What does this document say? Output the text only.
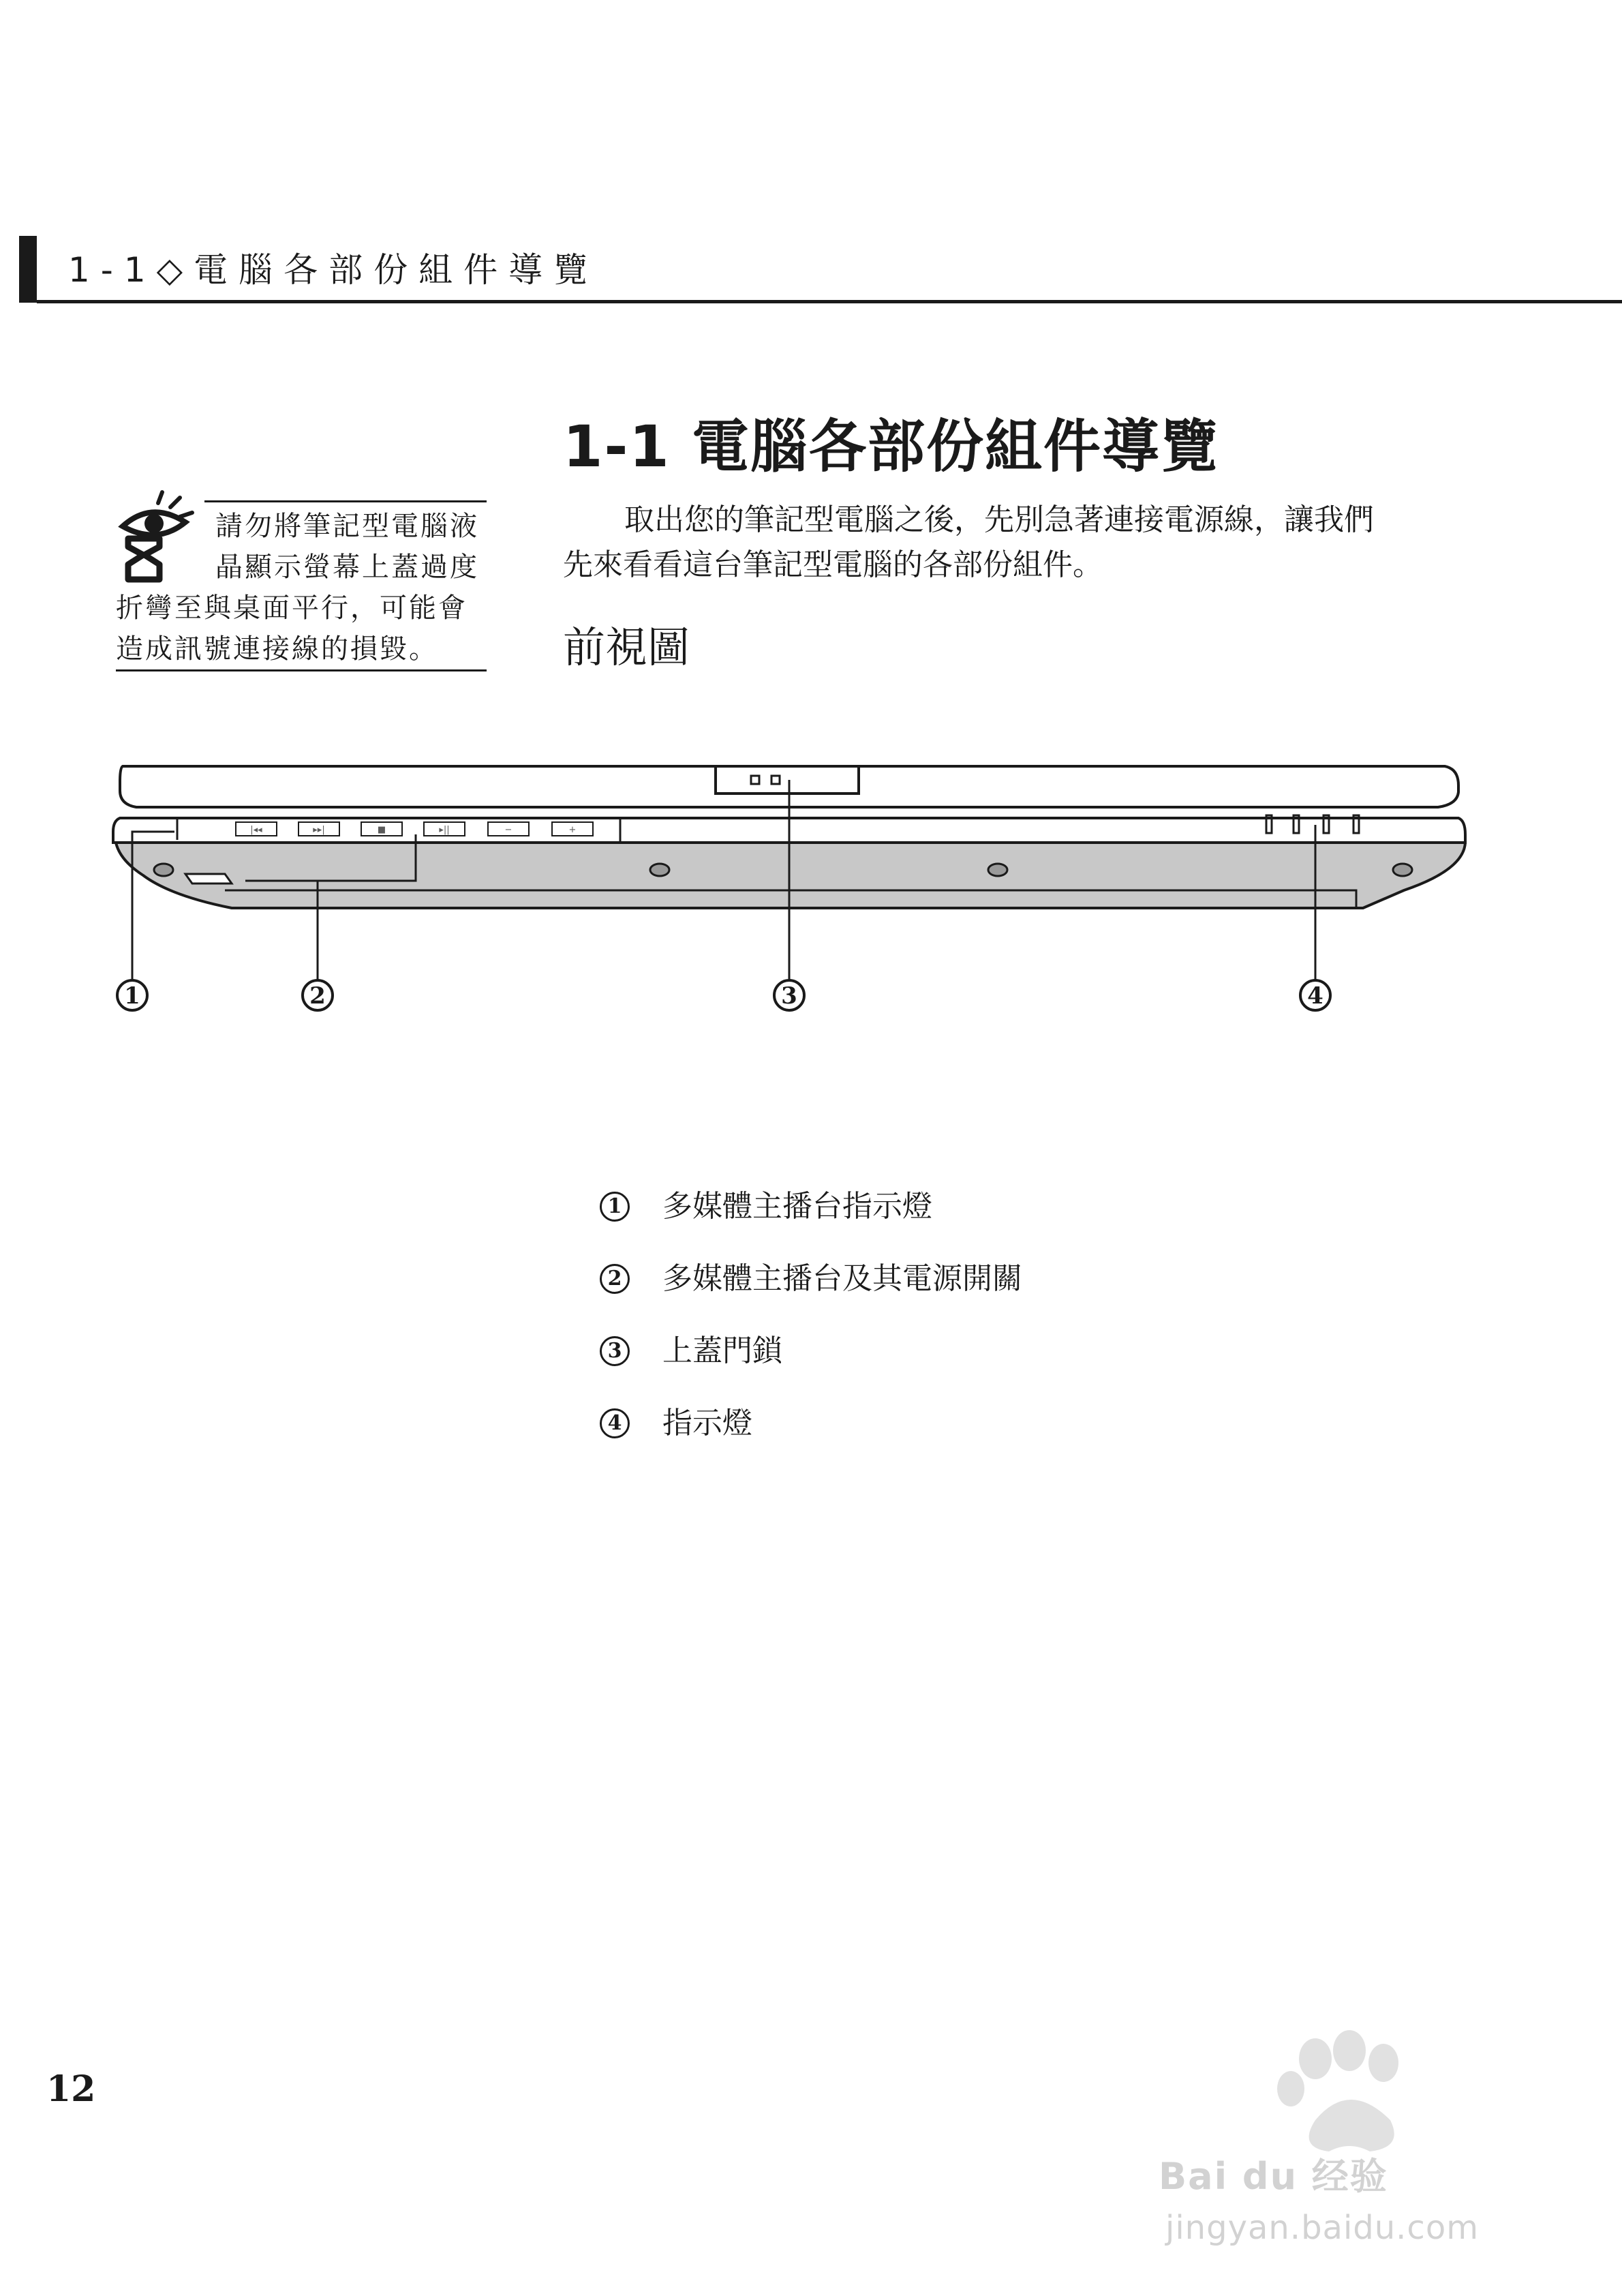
1-1◇電腦各部份組件導覽
1-1 電腦各部份組件導覽
取出您的筆記型電腦之後，先別急著連接電源線，讓我們
先來看看這台筆記型電腦的各部份組件。
前視圖
請勿將筆記型電腦液
晶顯示螢幕上蓋過度
折彎至與桌面平行，可能會
造成訊號連接線的損毀。
|◂◂	▸▸|	■	▸||	−	+
1	2	3	4
1 多媒體主播台指示燈
2 多媒體主播台及其電源開關
3 上蓋門鎖
4 指示燈
12
Bai du 经验
jingyan.baidu.com
